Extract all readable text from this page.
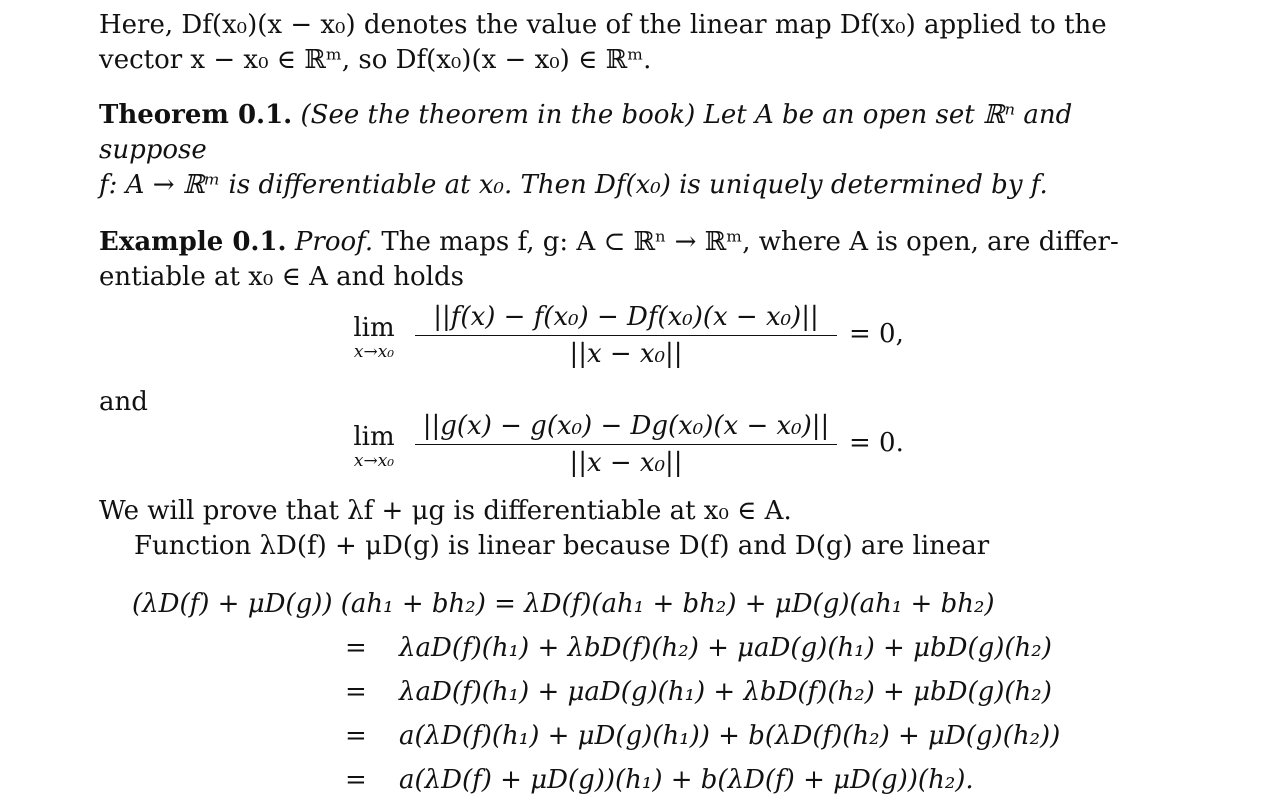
Here, Df(x₀)(x − x₀) denotes the value of the linear map Df(x₀) applied to the
vector x − x₀ ∈ ℝᵐ, so Df(x₀)(x − x₀) ∈ ℝᵐ.

Theorem 0.1. (See the theorem in the book) Let A be an open set ℝⁿ and suppose
f: A → ℝᵐ is differentiable at x₀. Then Df(x₀) is uniquely determined by f.

Example 0.1. Proof. The maps f, g: A ⊂ ℝⁿ → ℝᵐ, where A is open, are differ-
entiable at x₀ ∈ A and holds

lim
x→x₀
||f(x) − f(x₀) − Df(x₀)(x − x₀)||
||x − x₀||
= 0,

and

lim
x→x₀
||g(x) − g(x₀) − Dg(x₀)(x − x₀)||
||x − x₀||
= 0.

We will prove that λf + μg is differentiable at x₀ ∈ A.

Function λD(f) + μD(g) is linear because D(f) and D(g) are linear

(λD(f) + μD(g)) (ah₁ + bh₂) = λD(f)(ah₁ + bh₂) + μD(g)(ah₁ + bh₂)
= λaD(f)(h₁) + λbD(f)(h₂) + μaD(g)(h₁) + μbD(g)(h₂)
= λaD(f)(h₁) + μaD(g)(h₁) + λbD(f)(h₂) + μbD(g)(h₂)
= a(λD(f)(h₁) + μD(g)(h₁)) + b(λD(f)(h₂) + μD(g)(h₂))
= a(λD(f) + μD(g))(h₁) + b(λD(f) + μD(g))(h₂).
